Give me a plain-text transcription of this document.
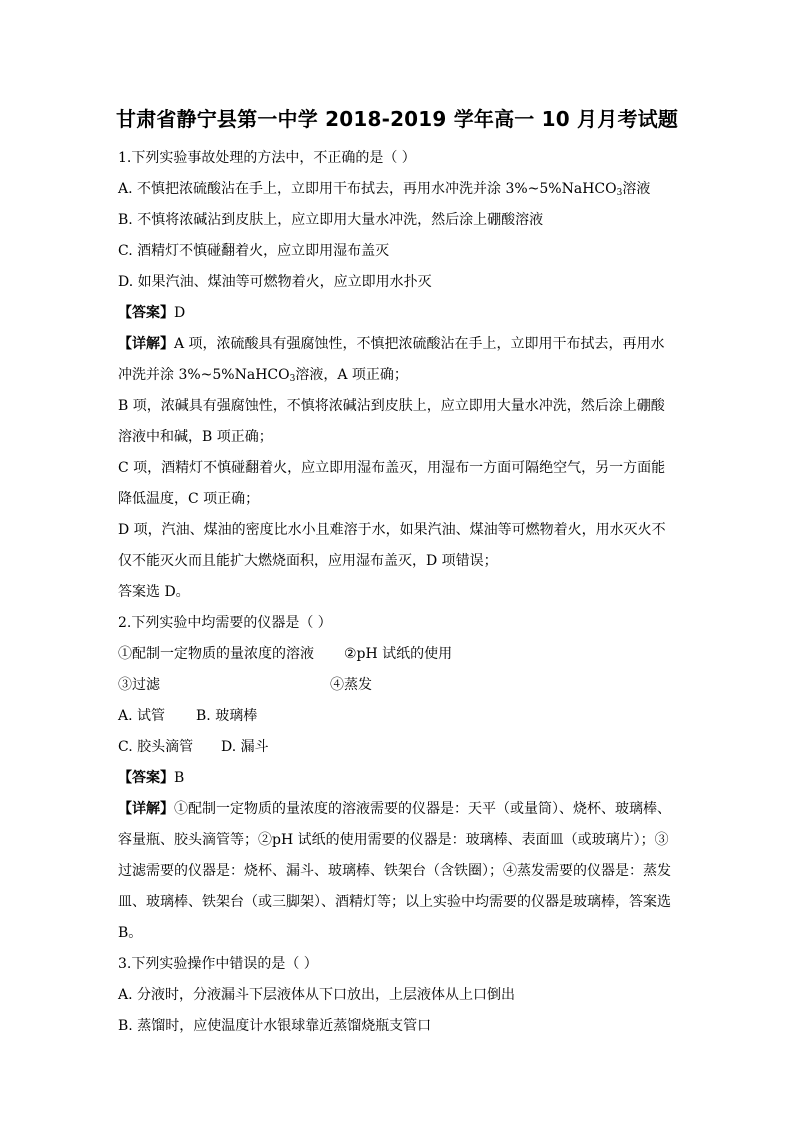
甘肃省静宁县第一中学 2018-2019 学年高一 10 月月考试题
1.下列实验事故处理的方法中，不正确的是（ ）
A. 不慎把浓硫酸沾在手上，立即用干布拭去，再用水冲洗并涂 3%~5%NaHCO$_3$溶液
B. 不慎将浓碱沾到皮肤上，应立即用大量水冲洗，然后涂上硼酸溶液
C. 酒精灯不慎碰翻着火，应立即用湿布盖灭
D. 如果汽油、煤油等可燃物着火，应立即用水扑灭
【答案】D
【详解】A 项，浓硫酸具有强腐蚀性，不慎把浓硫酸沾在手上，立即用干布拭去，再用水冲洗并涂 3%~5%NaHCO$_3$溶液，A 项正确；
B 项，浓碱具有强腐蚀性，不慎将浓碱沾到皮肤上，应立即用大量水冲洗，然后涂上硼酸溶液中和碱，B 项正确；
C 项，酒精灯不慎碰翻着火，应立即用湿布盖灭，用湿布一方面可隔绝空气，另一方面能降低温度，C 项正确；
D 项，汽油、煤油的密度比水小且难溶于水，如果汽油、煤油等可燃物着火，用水灭火不仅不能灭火而且能扩大燃烧面积，应用湿布盖灭，D 项错误；
答案选 D。
2.下列实验中均需要的仪器是（ ）
①配制一定物质的量浓度的溶液	②pH 试纸的使用
③过滤	④蒸发
A. 试管	B. 玻璃棒
C. 胶头滴管	D. 漏斗
【答案】B
【详解】①配制一定物质的量浓度的溶液需要的仪器是：天平（或量筒）、烧杯、玻璃棒、容量瓶、胶头滴管等；②pH 试纸的使用需要的仪器是：玻璃棒、表面皿（或玻璃片）；③过滤需要的仪器是：烧杯、漏斗、玻璃棒、铁架台（含铁圈）；④蒸发需要的仪器是：蒸发皿、玻璃棒、铁架台（或三脚架）、酒精灯等；以上实验中均需要的仪器是玻璃棒，答案选 B。
3.下列实验操作中错误的是（ ）
A. 分液时，分液漏斗下层液体从下口放出，上层液体从上口倒出
B. 蒸馏时，应使温度计水银球靠近蒸馏烧瓶支管口
